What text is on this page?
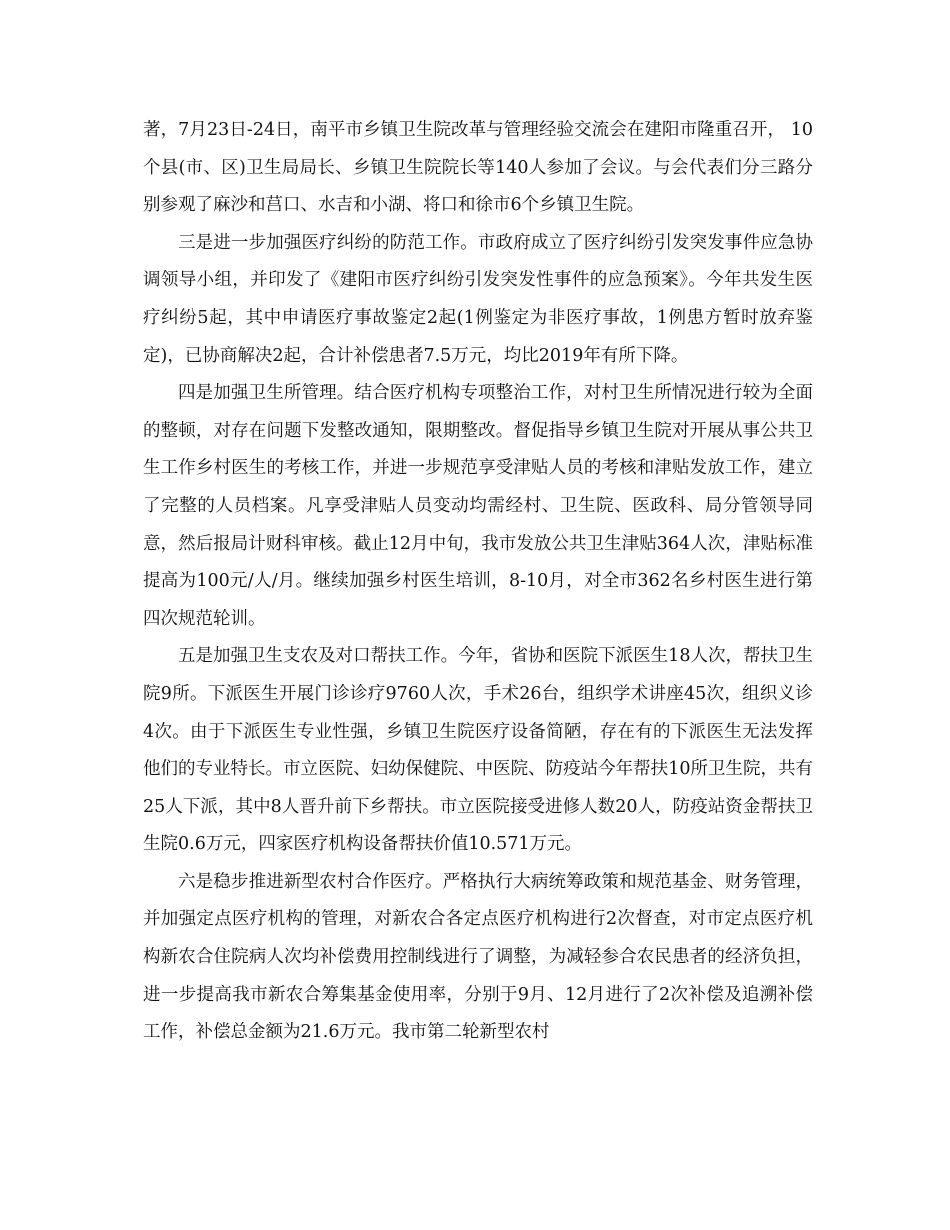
著，7月23日-24日，南平市乡镇卫生院改革与管理经验交流会在建阳市隆重召开， 10个县(市、区)卫生局局长、乡镇卫生院院长等140人参加了会议。与会代表们分三路分别参观了麻沙和莒口、水吉和小湖、将口和徐市6个乡镇卫生院。

三是进一步加强医疗纠纷的防范工作。市政府成立了医疗纠纷引发突发事件应急协调领导小组，并印发了《建阳市医疗纠纷引发突发性事件的应急预案》。今年共发生医疗纠纷5起，其中申请医疗事故鉴定2起(1例鉴定为非医疗事故，1例患方暂时放弃鉴定)，已协商解决2起，合计补偿患者7.5万元，均比2019年有所下降。

四是加强卫生所管理。结合医疗机构专项整治工作，对村卫生所情况进行较为全面的整顿，对存在问题下发整改通知，限期整改。督促指导乡镇卫生院对开展从事公共卫生工作乡村医生的考核工作，并进一步规范享受津贴人员的考核和津贴发放工作，建立了完整的人员档案。凡享受津贴人员变动均需经村、卫生院、医政科、局分管领导同意，然后报局计财科审核。截止12月中旬，我市发放公共卫生津贴364人次，津贴标准提高为100元/人/月。继续加强乡村医生培训，8-10月，对全市362名乡村医生进行第四次规范轮训。

五是加强卫生支农及对口帮扶工作。今年，省协和医院下派医生18人次，帮扶卫生院9所。下派医生开展门诊诊疗9760人次，手术26台，组织学术讲座45次，组织义诊4次。由于下派医生专业性强，乡镇卫生院医疗设备简陋，存在有的下派医生无法发挥他们的专业特长。市立医院、妇幼保健院、中医院、防疫站今年帮扶10所卫生院，共有25人下派，其中8人晋升前下乡帮扶。市立医院接受进修人数20人，防疫站资金帮扶卫生院0.6万元，四家医疗机构设备帮扶价值10.571万元。

六是稳步推进新型农村合作医疗。严格执行大病统筹政策和规范基金、财务管理，并加强定点医疗机构的管理，对新农合各定点医疗机构进行2次督查，对市定点医疗机构新农合住院病人次均补偿费用控制线进行了调整，为减轻参合农民患者的经济负担，进一步提高我市新农合筹集基金使用率，分别于9月、12月进行了2次补偿及追溯补偿工作，补偿总金额为21.6万元。我市第二轮新型农村
